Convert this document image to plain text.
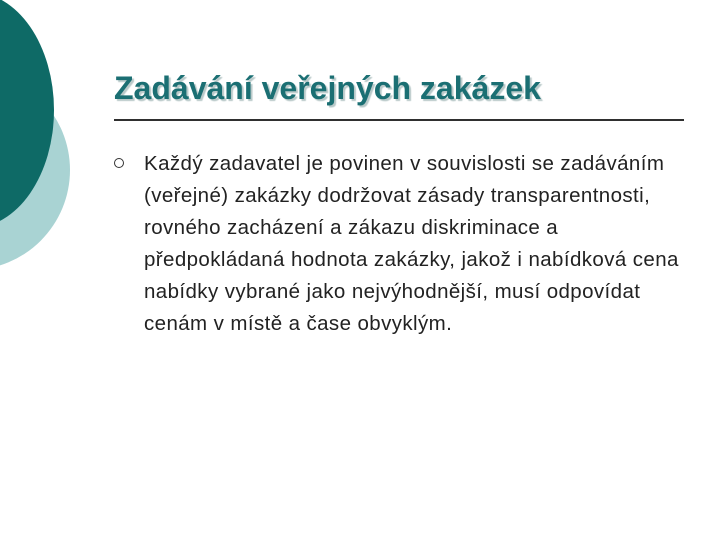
Zadávání veřejných zakázek
Každý zadavatel je povinen v souvislosti se zadáváním (veřejné) zakázky dodržovat zásady transparentnosti, rovného zacházení a zákazu diskriminace a předpokládaná hodnota zakázky, jakož i nabídková cena nabídky vybrané jako nejvýhodnější, musí odpovídat cenám v místě a čase obvyklým.
